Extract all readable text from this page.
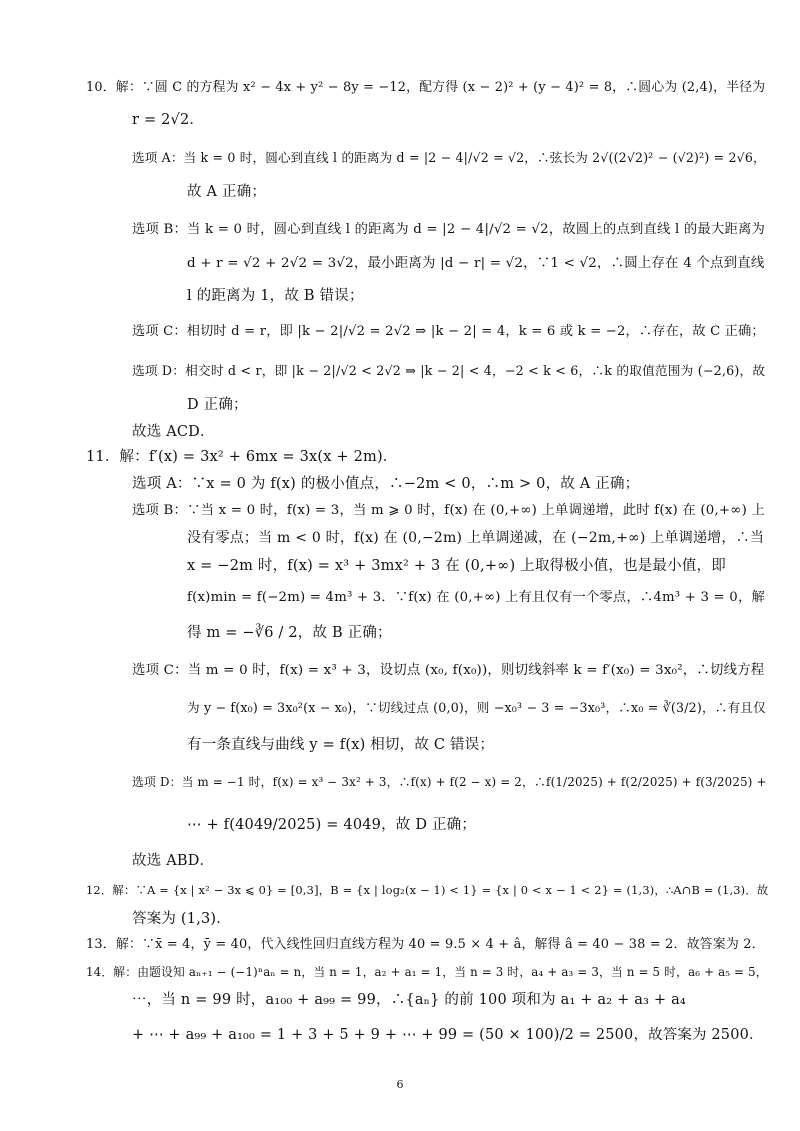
10．解：∵圆 C 的方程为 x² − 4x + y² − 8y = −12，配方得 (x − 2)² + (y − 4)² = 8，∴圆心为 (2,4)，半径为
r = 2√2．
选项 A：当 k = 0 时，圆心到直线 l 的距离为 d = |2 − 4|/√2 = √2，∴弦长为 2√((2√2)² − (√2)²) = 2√6，
故 A 正确；
选项 B：当 k = 0 时，圆心到直线 l 的距离为 d = |2 − 4|/√2 = √2，故圆上的点到直线 l 的最大距离为
d + r = √2 + 2√2 = 3√2，最小距离为 |d − r| = √2，∵1 < √2，∴圆上存在 4 个点到直线
l 的距离为 1，故 B 错误；
选项 C：相切时 d = r，即 |k − 2|/√2 = 2√2 ⇒ |k − 2| = 4，k = 6 或 k = −2，∴存在，故 C 正确；
选项 D：相交时 d < r，即 |k − 2|/√2 < 2√2 ⇒ |k − 2| < 4，−2 < k < 6，∴k 的取值范围为 (−2,6)，故
D 正确；
故选 ACD．
11．解：f′(x) = 3x² + 6mx = 3x(x + 2m)．
选项 A：∵x = 0 为 f(x) 的极小值点，∴−2m < 0，∴m > 0，故 A 正确；
选项 B：∵当 x = 0 时，f(x) = 3，当 m ⩾ 0 时，f(x) 在 (0,+∞) 上单调递增，此时 f(x) 在 (0,+∞) 上
没有零点；当 m < 0 时，f(x) 在 (0,−2m) 上单调递减，在 (−2m,+∞) 上单调递增，∴当
x = −2m 时，f(x) = x³ + 3mx² + 3 在 (0,+∞) 上取得极小值，也是最小值，即
f(x)min = f(−2m) = 4m³ + 3．∵f(x) 在 (0,+∞) 上有且仅有一个零点，∴4m³ + 3 = 0，解
得 m = −∛6 / 2，故 B 正确；
选项 C：当 m = 0 时，f(x) = x³ + 3，设切点 (x₀, f(x₀))，则切线斜率 k = f′(x₀) = 3x₀²，∴切线方程
为 y − f(x₀) = 3x₀²(x − x₀)，∵切线过点 (0,0)，则 −x₀³ − 3 = −3x₀³，∴x₀ = ∛(3/2)，∴有且仅
有一条直线与曲线 y = f(x) 相切，故 C 错误；
选项 D：当 m = −1 时，f(x) = x³ − 3x² + 3，∴f(x) + f(2 − x) = 2，∴f(1/2025) + f(2/2025) + f(3/2025) +
⋯ + f(4049/2025) = 4049，故 D 正确；
故选 ABD．
12．解：∵A = {x | x² − 3x ⩽ 0} = [0,3]，B = {x | log₂(x − 1) < 1} = {x | 0 < x − 1 < 2} = (1,3)，∴A∩B = (1,3)．故
答案为 (1,3)．
13．解：∵x̄ = 4，ȳ = 40，代入线性回归直线方程为 40 = 9.5 × 4 + â，解得 â = 40 − 38 = 2．故答案为 2．
14．解：由题设知 aₙ₊₁ − (−1)ⁿaₙ = n，当 n = 1，a₂ + a₁ = 1，当 n = 3 时，a₄ + a₃ = 3，当 n = 5 时，a₆ + a₅ = 5，
⋯，当 n = 99 时，a₁₀₀ + a₉₉ = 99，∴{aₙ} 的前 100 项和为 a₁ + a₂ + a₃ + a₄
+ ⋯ + a₉₉ + a₁₀₀ = 1 + 3 + 5 + 9 + ⋯ + 99 = (50 × 100)/2 = 2500，故答案为 2500．
6
